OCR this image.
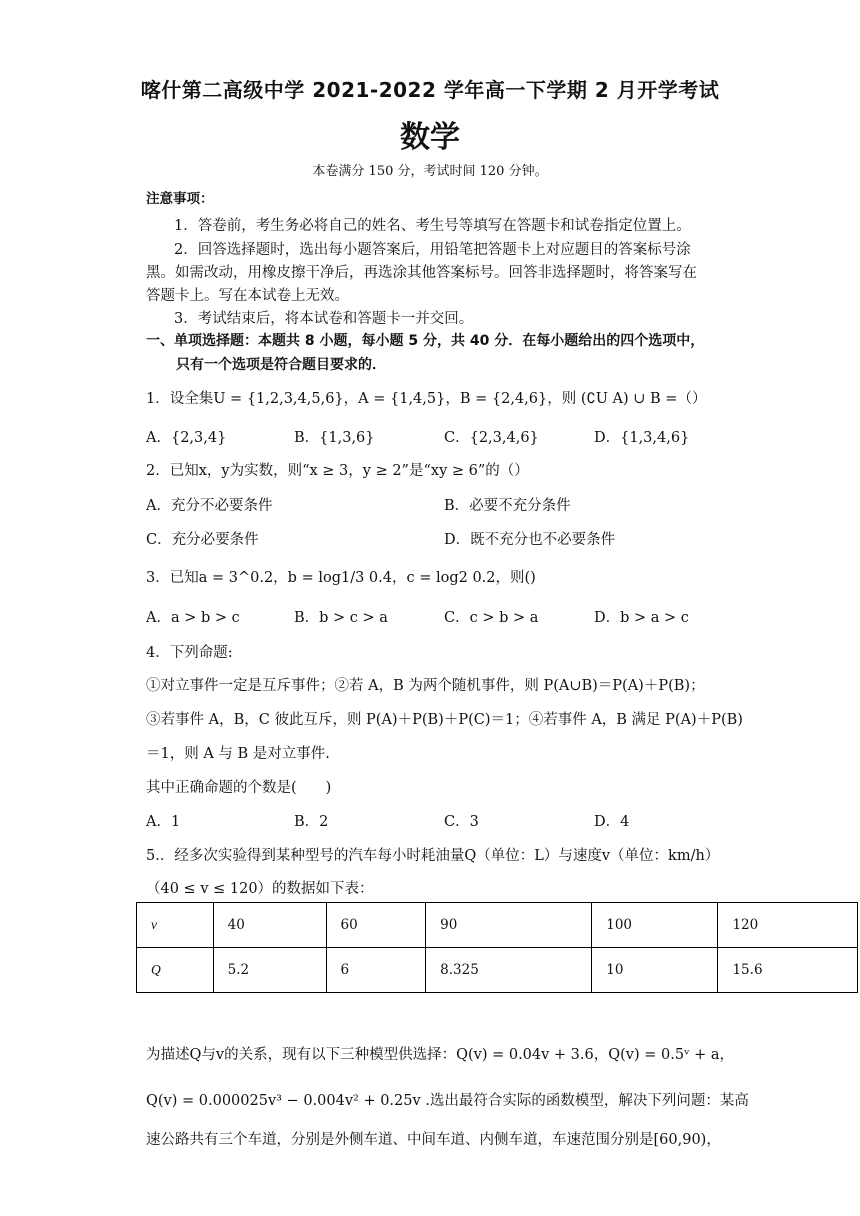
喀什第二高级中学 2021-2022 学年高一下学期 2 月开学考试
数学
本卷满分 150 分，考试时间 120 分钟。
注意事项：
1．答卷前，考生务必将自己的姓名、考生号等填写在答题卡和试卷指定位置上。
2．回答选择题时，选出每小题答案后，用铅笔把答题卡上对应题目的答案标号涂
黑。如需改动，用橡皮擦干净后，再选涂其他答案标号。回答非选择题时，将答案写在
答题卡上。写在本试卷上无效。
3．考试结束后，将本试卷和答题卡一并交回。
一、单项选择题：本题共 8 小题，每小题 5 分，共 40 分．在每小题给出的四个选项中，
只有一个选项是符合题目要求的．
1．设全集U = {1,2,3,4,5,6}，A = {1,4,5}，B = {2,4,6}，则 (∁U A) ∪ B =（）
A．{2,3,4}	B．{1,3,6}	C．{2,3,4,6}	D．{1,3,4,6}
2．已知x，y为实数，则“x ≥ 3，y ≥ 2”是“xy ≥ 6”的（）
A．充分不必要条件	B．必要不充分条件
C．充分必要条件	D．既不充分也不必要条件
3．已知a = 3^0.2，b = log1/3 0.4，c = log2 0.2，则()
A．a > b > c	B．b > c > a	C．c > b > a	D．b > a > c
4．下列命题:
①对立事件一定是互斥事件；②若 A，B 为两个随机事件，则 P(A∪B)＝P(A)＋P(B)；
③若事件 A，B，C 彼此互斥，则 P(A)＋P(B)＋P(C)＝1；④若事件 A，B 满足 P(A)＋P(B)
＝1，则 A 与 B 是对立事件.
其中正确命题的个数是(　　)
A．1	B．2	C．3	D．4
5.．经多次实验得到某种型号的汽车每小时耗油量Q（单位：L）与速度v（单位：km/h）
（40 ≤ v ≤ 120）的数据如下表：
v	40	60	90	100	120
Q	5.2	6	8.325	10	15.6
为描述Q与v的关系，现有以下三种模型供选择：Q(v) = 0.04v + 3.6，Q(v) = 0.5ᵛ + a，
Q(v) = 0.000025v³ − 0.004v² + 0.25v .选出最符合实际的函数模型，解决下列问题：某高
速公路共有三个车道，分别是外侧车道、中间车道、内侧车道，车速范围分别是[60,90)，
